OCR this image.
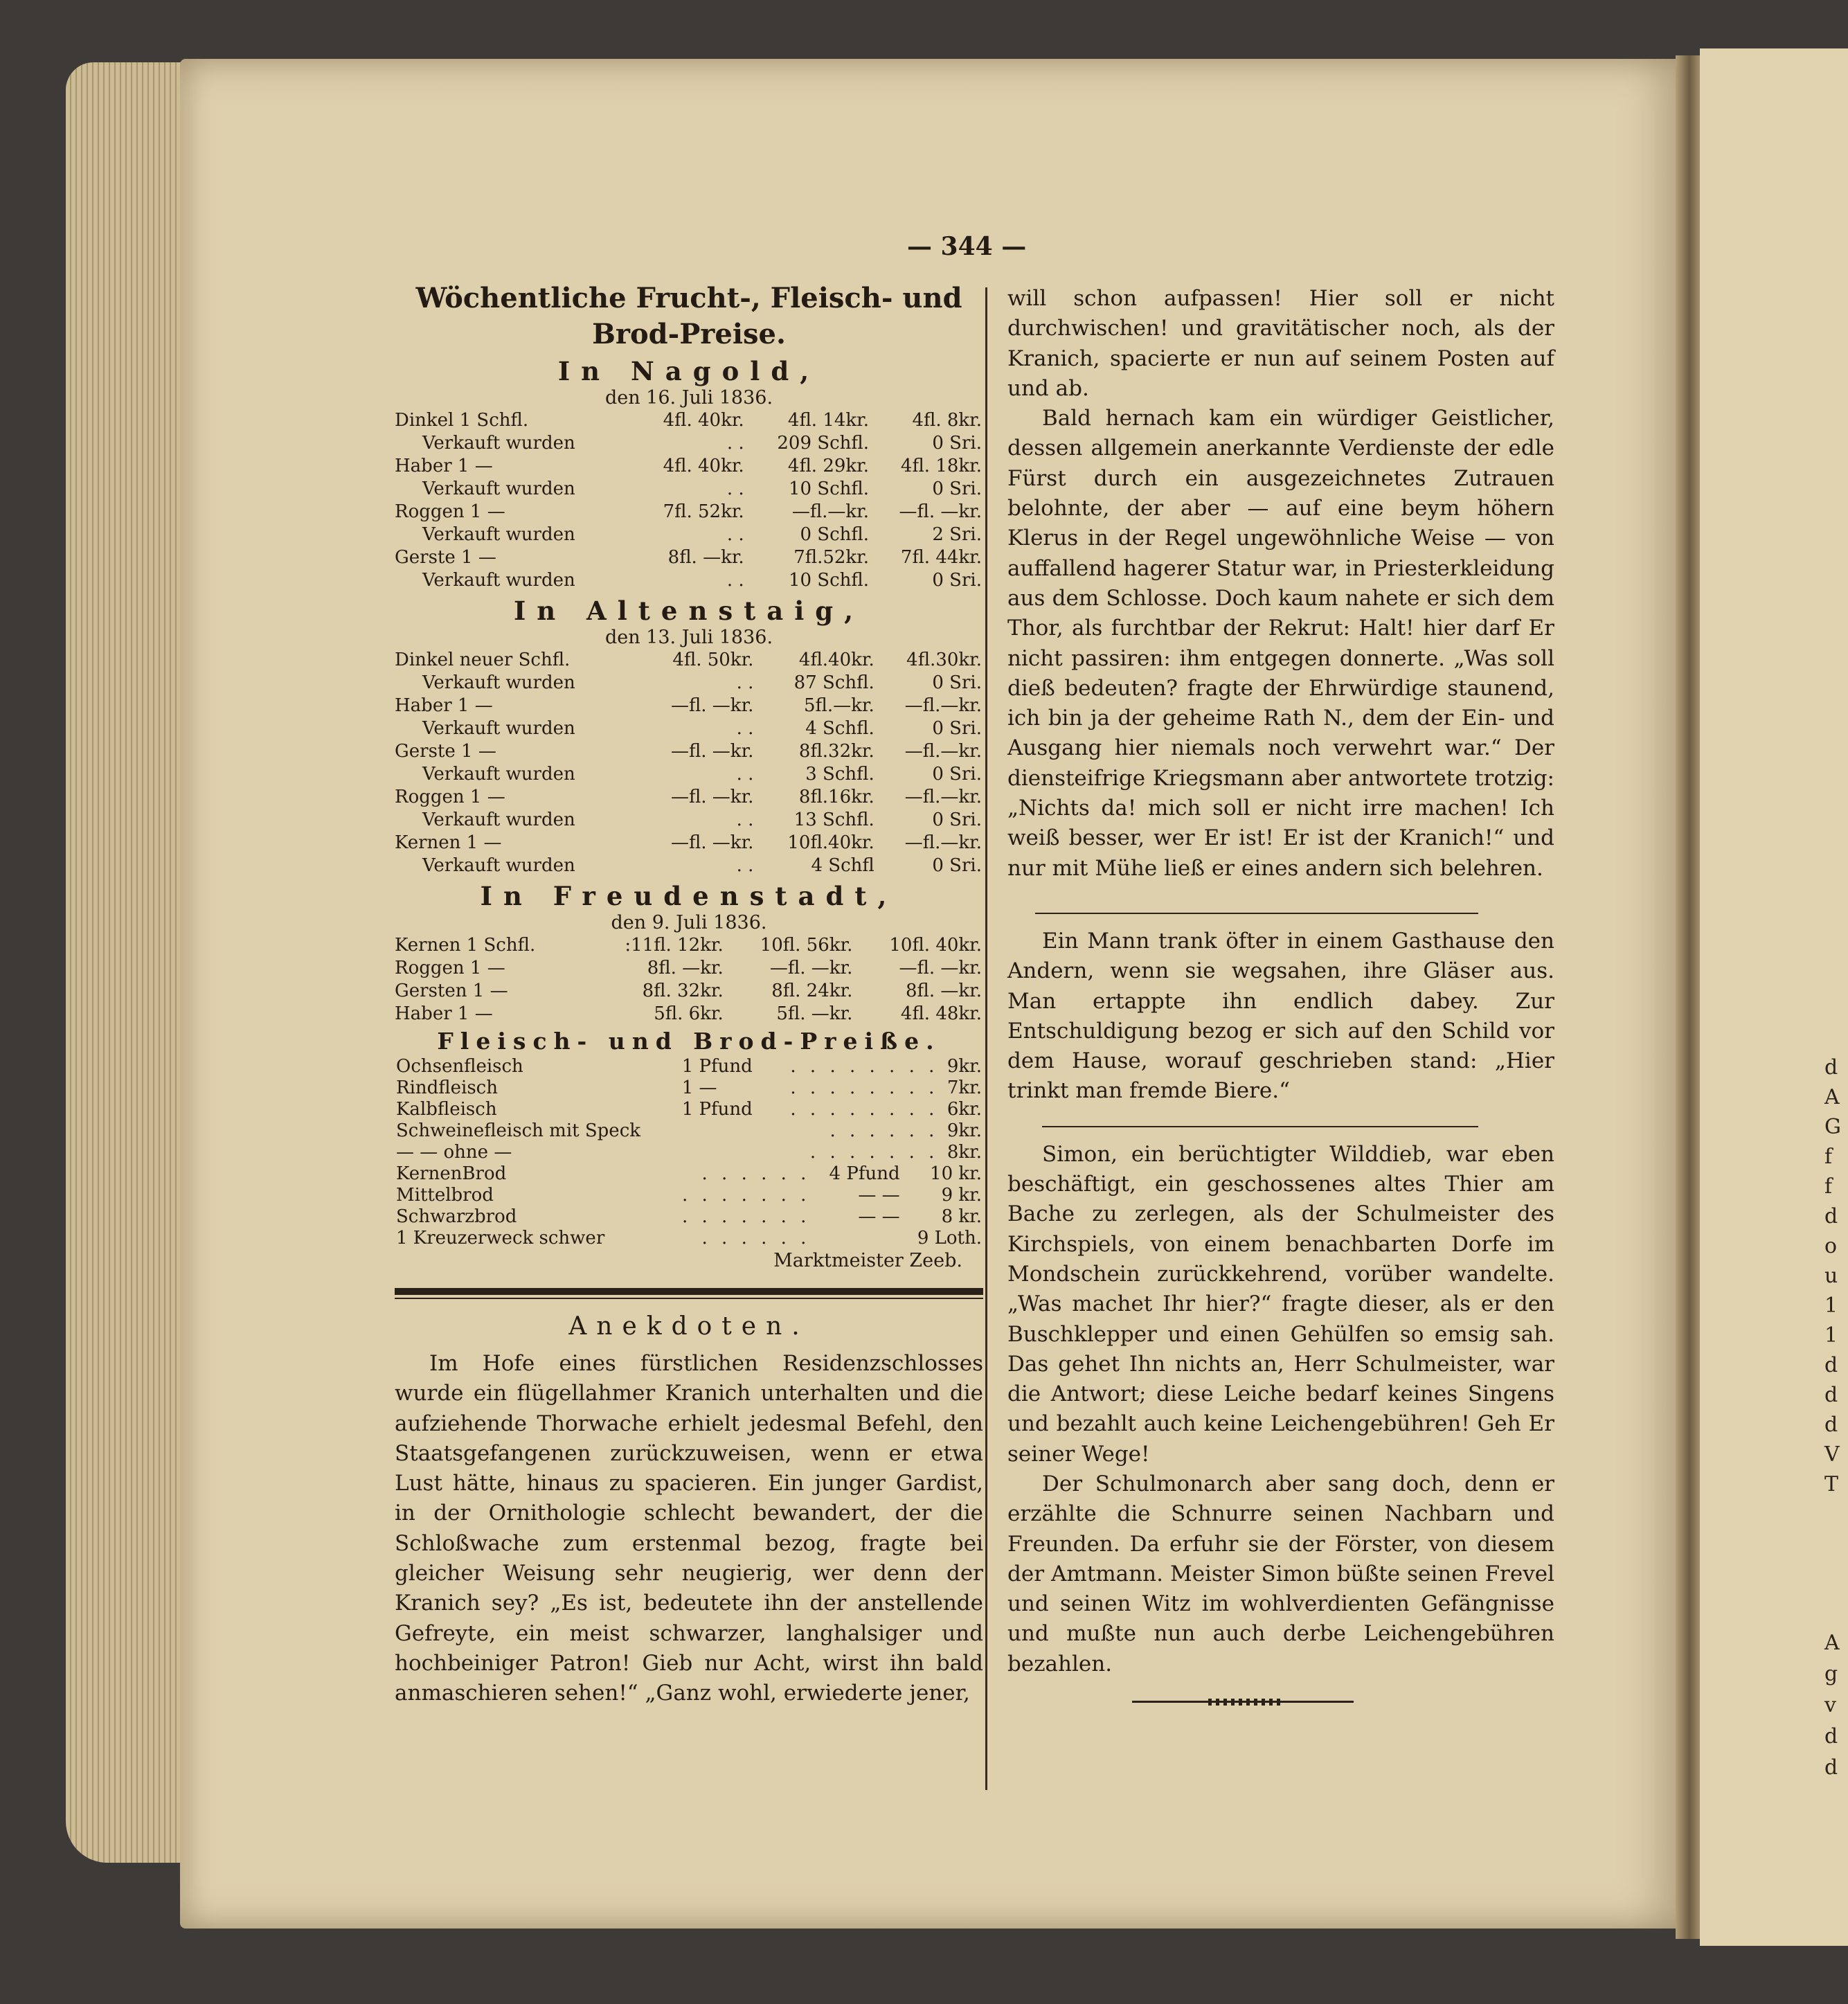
d
A
G
f
f
d
o
u
1
1
d
d
d
V
T
A
g
v
d
d
— 344 —
Wöchentliche Frucht-, Fleisch- und
Brod-Preise.
In Nagold,
den 16. Juli 1836.
Dinkel 1 Schfl.	4fl. 40kr.	4fl. 14kr.	4fl. 8kr.
Verkauft wurden	. .	209 Schfl.	0 Sri.
Haber 1 —	4fl. 40kr.	4fl. 29kr.	4fl. 18kr.
Verkauft wurden	. .	10 Schfl.	0 Sri.
Roggen 1 —	7fl. 52kr.	—fl.—kr.	—fl. —kr.
Verkauft wurden	. .	0 Schfl.	2 Sri.
Gerste 1 —	8fl. —kr.	7fl.52kr.	7fl. 44kr.
Verkauft wurden	. .	10 Schfl.	0 Sri.
In Altenstaig,
den 13. Juli 1836.
Dinkel neuer Schfl.	4fl. 50kr.	4fl.40kr.	4fl.30kr.
Verkauft wurden	. .	87 Schfl.	0 Sri.
Haber 1 —	—fl. —kr.	5fl.—kr.	—fl.—kr.
Verkauft wurden	. .	4 Schfl.	0 Sri.
Gerste 1 —	—fl. —kr.	8fl.32kr.	—fl.—kr.
Verkauft wurden	. .	3 Schfl.	0 Sri.
Roggen 1 —	—fl. —kr.	8fl.16kr.	—fl.—kr.
Verkauft wurden	. .	13 Schfl.	0 Sri.
Kernen 1 —	—fl. —kr.	10fl.40kr.	—fl.—kr.
Verkauft wurden	. .	4 Schfl	0 Sri.
In Freudenstadt,
den 9. Juli 1836.
Kernen 1 Schfl.	:11fl. 12kr.	10fl. 56kr.	10fl. 40kr.
Roggen 1 —	8fl. —kr.	—fl. —kr.	—fl. —kr.
Gersten 1 —	8fl. 32kr.	8fl. 24kr.	8fl. —kr.
Haber 1 —	5fl. 6kr.	5fl. —kr.	4fl. 48kr.
Fleisch- und Brod-Preiße.
Ochsenfleisch	1 Pfund	. . . . . . . .	9kr.
Rindfleisch	1 —	. . . . . . . .	7kr.
Kalbfleisch	1 Pfund	. . . . . . . .	6kr.
Schweinefleisch mit Speck		. . . . . .	9kr.
— — ohne —		. . . . . . .	8kr.
KernenBrod	. . . . . .	4 Pfund	10 kr.
Mittelbrod	. . . . . . .	— —	9 kr.
Schwarzbrod	. . . . . . .	— —	8 kr.
1 Kreuzerweck schwer	. . . . . .		9 Loth.
Marktmeister Zeeb.
Anekdoten.

Im Hofe eines fürstlichen Residenzschlosses wurde ein flügellahmer Kranich unterhalten und die aufziehende Thorwache erhielt jedesmal Befehl, den Staatsgefangenen zurückzuweisen, wenn er etwa Lust hätte, hinaus zu spacieren. Ein junger Gardist, in der Ornithologie schlecht bewandert, der die Schloßwache zum erstenmal bezog, fragte bei gleicher Weisung sehr neugierig, wer denn der Kranich sey? „Es ist, bedeutete ihn der anstellende Gefreyte, ein meist schwarzer, langhalsiger und hochbeiniger Patron! Gieb nur Acht, wirst ihn bald anmaschieren sehen!“ „Ganz wohl, erwiederte jener,

will schon aufpassen! Hier soll er nicht durchwischen! und gravitätischer noch, als der Kranich, spacierte er nun auf seinem Posten auf und ab.

Bald hernach kam ein würdiger Geistlicher, dessen allgemein anerkannte Verdienste der edle Fürst durch ein ausgezeichnetes Zutrauen belohnte, der aber — auf eine beym höhern Klerus in der Regel ungewöhnliche Weise — von auffallend hagerer Statur war, in Priesterkleidung aus dem Schlosse. Doch kaum nahete er sich dem Thor, als furchtbar der Rekrut: Halt! hier darf Er nicht passiren: ihm entgegen donnerte. „Was soll dieß bedeuten? fragte der Ehrwürdige staunend, ich bin ja der geheime Rath N., dem der Ein- und Ausgang hier niemals noch verwehrt war.“ Der diensteifrige Kriegsmann aber antwortete trotzig: „Nichts da! mich soll er nicht irre machen! Ich weiß besser, wer Er ist! Er ist der Kranich!“ und nur mit Mühe ließ er eines andern sich belehren.

Ein Mann trank öfter in einem Gasthause den Andern, wenn sie wegsahen, ihre Gläser aus. Man ertappte ihn endlich dabey. Zur Entschuldigung bezog er sich auf den Schild vor dem Hause, worauf geschrieben stand: „Hier trinkt man fremde Biere.“

Simon, ein berüchtigter Wilddieb, war eben beschäftigt, ein geschossenes altes Thier am Bache zu zerlegen, als der Schulmeister des Kirchspiels, von einem benachbarten Dorfe im Mondschein zurückkehrend, vorüber wandelte. „Was machet Ihr hier?“ fragte dieser, als er den Buschklepper und einen Gehülfen so emsig sah. Das gehet Ihn nichts an, Herr Schulmeister, war die Antwort; diese Leiche bedarf keines Singens und bezahlt auch keine Leichengebühren! Geh Er seiner Wege!

Der Schulmonarch aber sang doch, denn er erzählte die Schnurre seinen Nachbarn und Freunden. Da erfuhr sie der Förster, von diesem der Amtmann. Meister Simon büßte seinen Frevel und seinen Witz im wohlverdienten Gefängnisse und mußte nun auch derbe Leichengebühren bezahlen.
